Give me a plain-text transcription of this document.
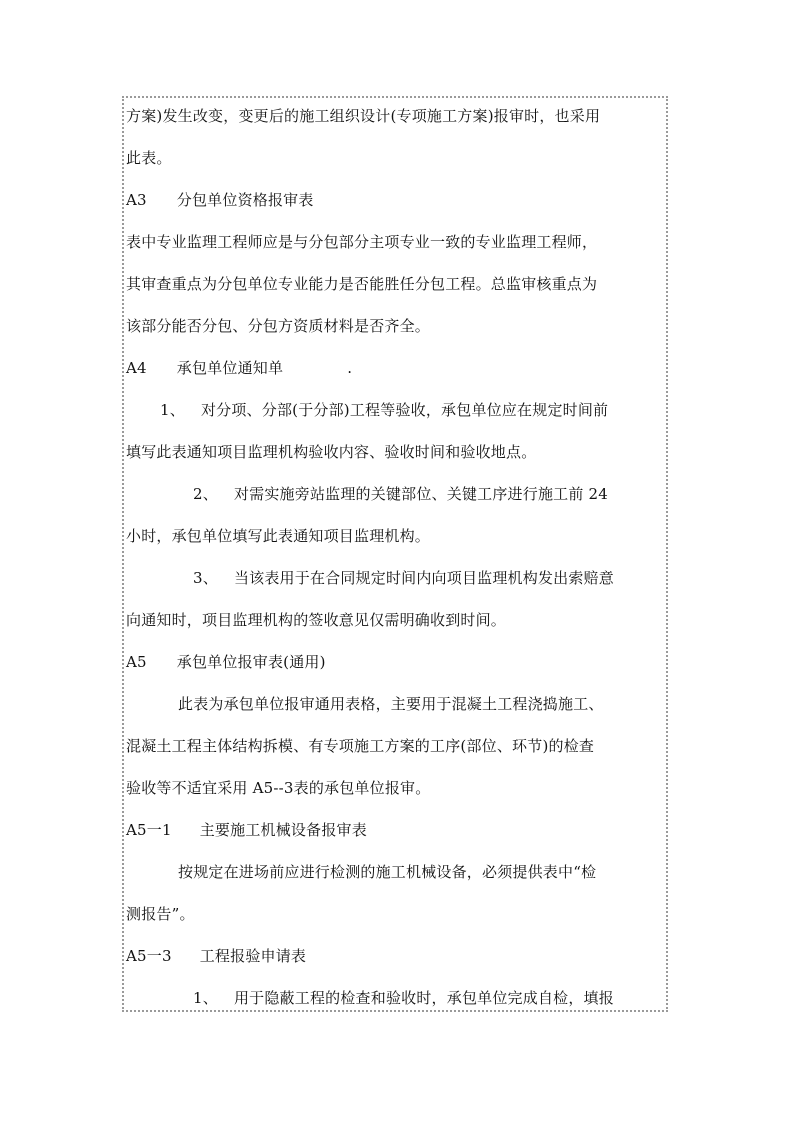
方案)发生改变，变更后的施工组织设计(专项施工方案)报审时，也采用
此表。
A3 分包单位资格报审表
表中专业监理工程师应是与分包部分主项专业一致的专业监理工程师，
其审查重点为分包单位专业能力是否能胜任分包工程。总监审核重点为
该部分能否分包、分包方资质材料是否齐全。
A4 承包单位通知单	.
1、 对分项、分部(于分部)工程等验收，承包单位应在规定时间前
填写此表通知项目监理机构验收内容、验收时间和验收地点。
2、 对需实施旁站监理的关键部位、关键工序进行施工前 24
小时，承包单位填写此表通知项目监理机构。
3、 当该表用于在合同规定时间内向项目监理机构发出索赔意
向通知时，项目监理机构的签收意见仅需明确收到时间。
A5 承包单位报审表(通用)
此表为承包单位报审通用表格，主要用于混凝土工程浇捣施工、
混凝土工程主体结构拆模、有专项施工方案的工序(部位、环节)的检查
验收等不适宜采用 A5--3表的承包单位报审。
A5一1 主要施工机械设备报审表
按规定在进场前应进行检测的施工机械设备，必须提供表中“检
测报告”。
A5一3 工程报验申请表
1、 用于隐蔽工程的检查和验收时，承包单位完成自检，填报
